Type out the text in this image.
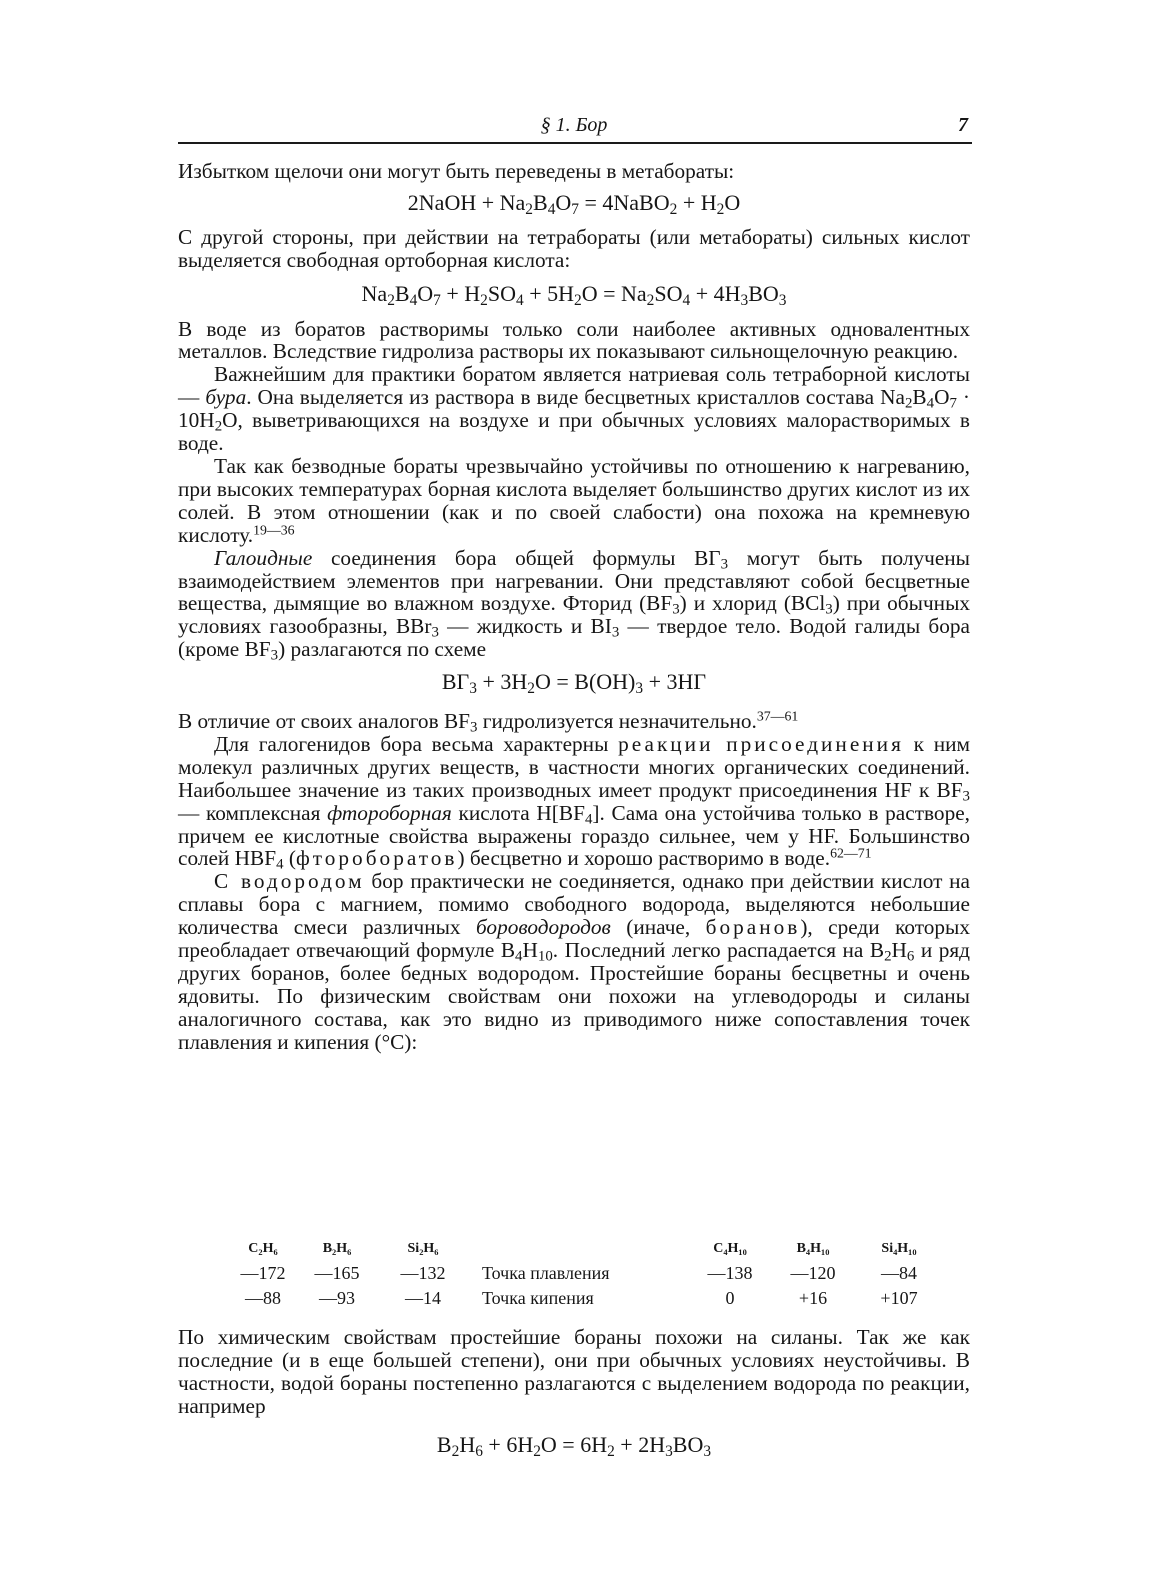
§ 1. Бор	7

Избытком щелочи они могут быть переведены в метабораты:

2NaOH + $Na_2B_4O_7$ = 4NaBO$_2$ + $H_2O$

С другой стороны, при действии на тетрабораты (или метабораты) сильных кислот выделяется свободная ортоборная кислота:

$Na_2B_4O_7 + H_2SO_4 + 5H_2O = Na_2SO_4 + 4H_3BO_3$

В воде из боратов растворимы только соли наиболее активных одновалентных металлов. Вследствие гидролиза растворы их показывают сильнощелочную реакцию.

Важнейшим для практики боратом является натриевая соль тетраборной кислоты — бура. Она выделяется из раствора в виде бесцветных кристаллов состава $Na_2B_4O_7 \cdot 10H_2O$, выветривающихся на воздухе и при обычных условиях малорастворимых в воде.

Так как безводные бораты чрезвычайно устойчивы по отношению к нагреванию, при высоких температурах борная кислота выделяет большинство других кислот из их солей. В этом отношении (как и по своей слабости) она похожа на кремневую кислоту.$^{19—36}$

Галоидные соединения бора общей формулы $BГ_3$ могут быть получены взаимодействием элементов при нагревании. Они представляют собой бесцветные вещества, дымящие во влажном воздухе. Фторид $(BF_3)$ и хлорид (BCl$_3$) при обычных условиях газообразны, BBr$_3$ — жидкость и $BI_3$ — твердое тело. Водой галиды бора (кроме $BF_3$) разлагаются по схеме

$BГ_3 + 3H_2O = B(OH)_3 + 3HГ$

В отличие от своих аналогов $BF_3$ гидролизуется незначительно.$^{37—61}$

Для галогенидов бора весьма характерны реакции присоединения к ним молекул различных других веществ, в частности многих органических соединений. Наибольшее значение из таких производных имеет продукт присоединения HF к $BF_3$ — комплексная фтороборная кислота $H[BF_4]$. Сама она устойчива только в растворе, причем ее кислотные свойства выражены гораздо сильнее, чем у HF. Большинство солей $HBF_4$ (фтороборатов) бесцветно и хорошо растворимо в воде.$^{62—71}$

С водородом бор практически не соединяется, однако при действии кислот на сплавы бора с магнием, помимо свободного водорода, выделяются небольшие количества смеси различных бороводородов (иначе, боранов), среди которых преобладает отвечающий формуле $B_4H_{10}$. Последний легко распадается на $B_2H_6$ и ряд других боранов, более бедных водородом. Простейшие бораны бесцветны и очень ядовиты. По физическим свойствам они похожи на углеводороды и силаны аналогичного состава, как это видно из приводимого ниже сопоставления точек плавления и кипения (°С):

C₂H₆	B₂H₆	Si₂H₆		C₄H₁₀	B₄H₁₀	Si₄H₁₀
—172	—165	—132	Точка плавления	—138	—120	—84
—88	—93	—14	Точка кипения	0	+16	+107

По химическим свойствам простейшие бораны похожи на силаны. Так же как последние (и в еще большей степени), они при обычных условиях неустойчивы. В частности, водой бораны постепенно разлагаются с выделением водорода по реакции, например

$B_2H_6 + 6H_2O = 6H_2 + 2H_3BO_3$
